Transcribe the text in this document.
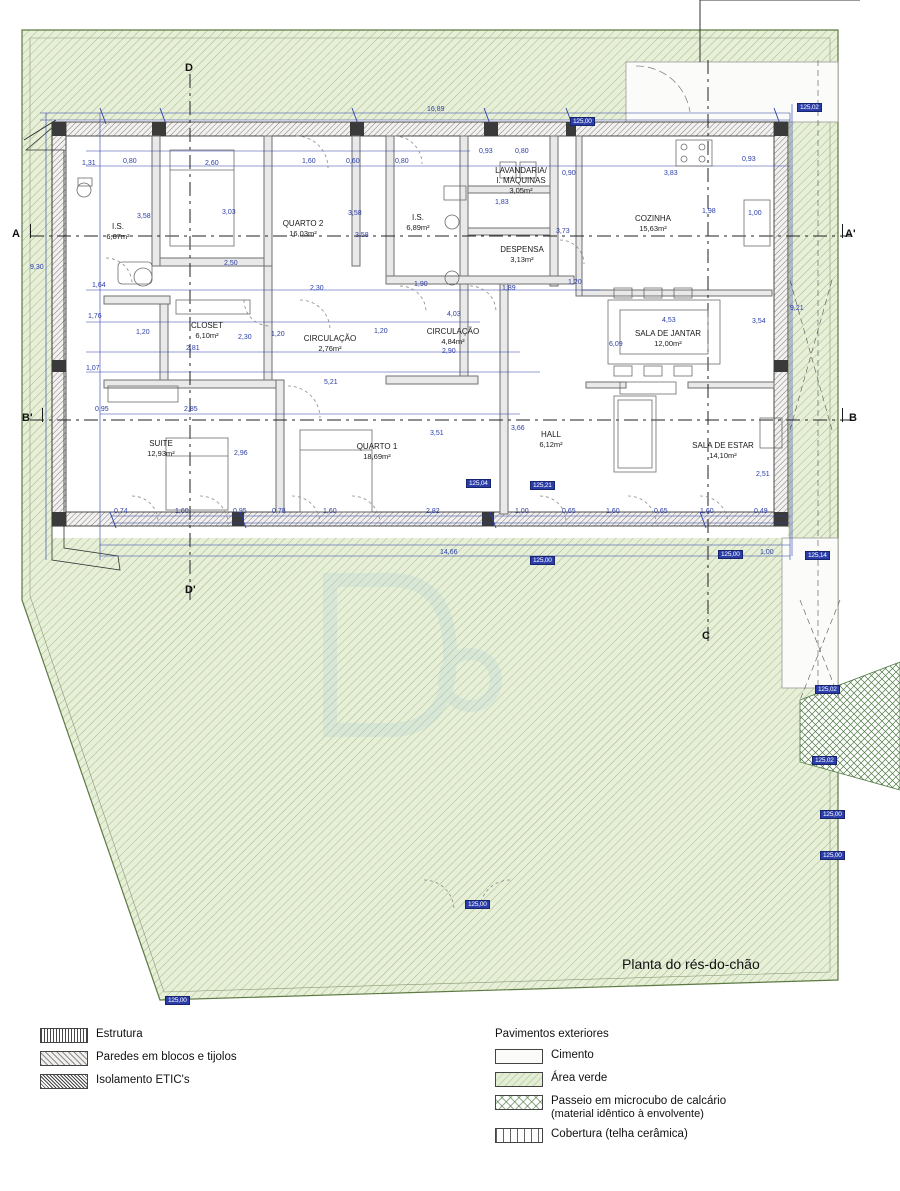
A	A'
B
B'
C
D
D'
I.S.
6,87m²
QUARTO 2
16,03m²
I.S.
6,89m²
LAVANDARIA/
I. MÁQUINAS
3,05m²
COZINHA
15,63m²
DESPENSA
3,13m²
CLOSET
6,10m²	CIRCULAÇÃO
2,76m²
CIRCULAÇÃO
4,84m²
SALA DE JANTAR
12,00m²
SUITE
12,93m²
QUARTO 1
18,69m²
HALL
6,12m²	SALA DE ESTAR
14,10m²
16,89
1,31	0,80	2,60	1,60	0,60	0,80
0,93	0,80
0,90
0,93
3,83
3,58
3,03	3,58
3,58
1,83
3,73
1,98	1,00
2,50
1,64	2,30
1,90
1,89
1,20
1,76
1,20
2,30	1,20
4,03
1,20
2,81	2,90
6,09
4,53	3,54
9,21
9,30
1,07
5,21
0,95	2,85
2,96
3,51
3,66
2,51
0,74	1,60	0,95	0,78	1,60	2,82	1,00	0,65	1,60	0,65	1,60	0,49
14,66	1,00
125,00
125,02
125,04	125,21
125,00
125,00	125,14
125,02
125,02
125,00
125,00
125,00
125,00
Planta do rés-do-chão
Estrutura
Paredes em blocos e tijolos
Isolamento ETIC's
Pavimentos exteriores
Cimento
Área verde
Passeio em microcubo de calcário
(material idêntico à envolvente)
Cobertura (telha cerâmica)
